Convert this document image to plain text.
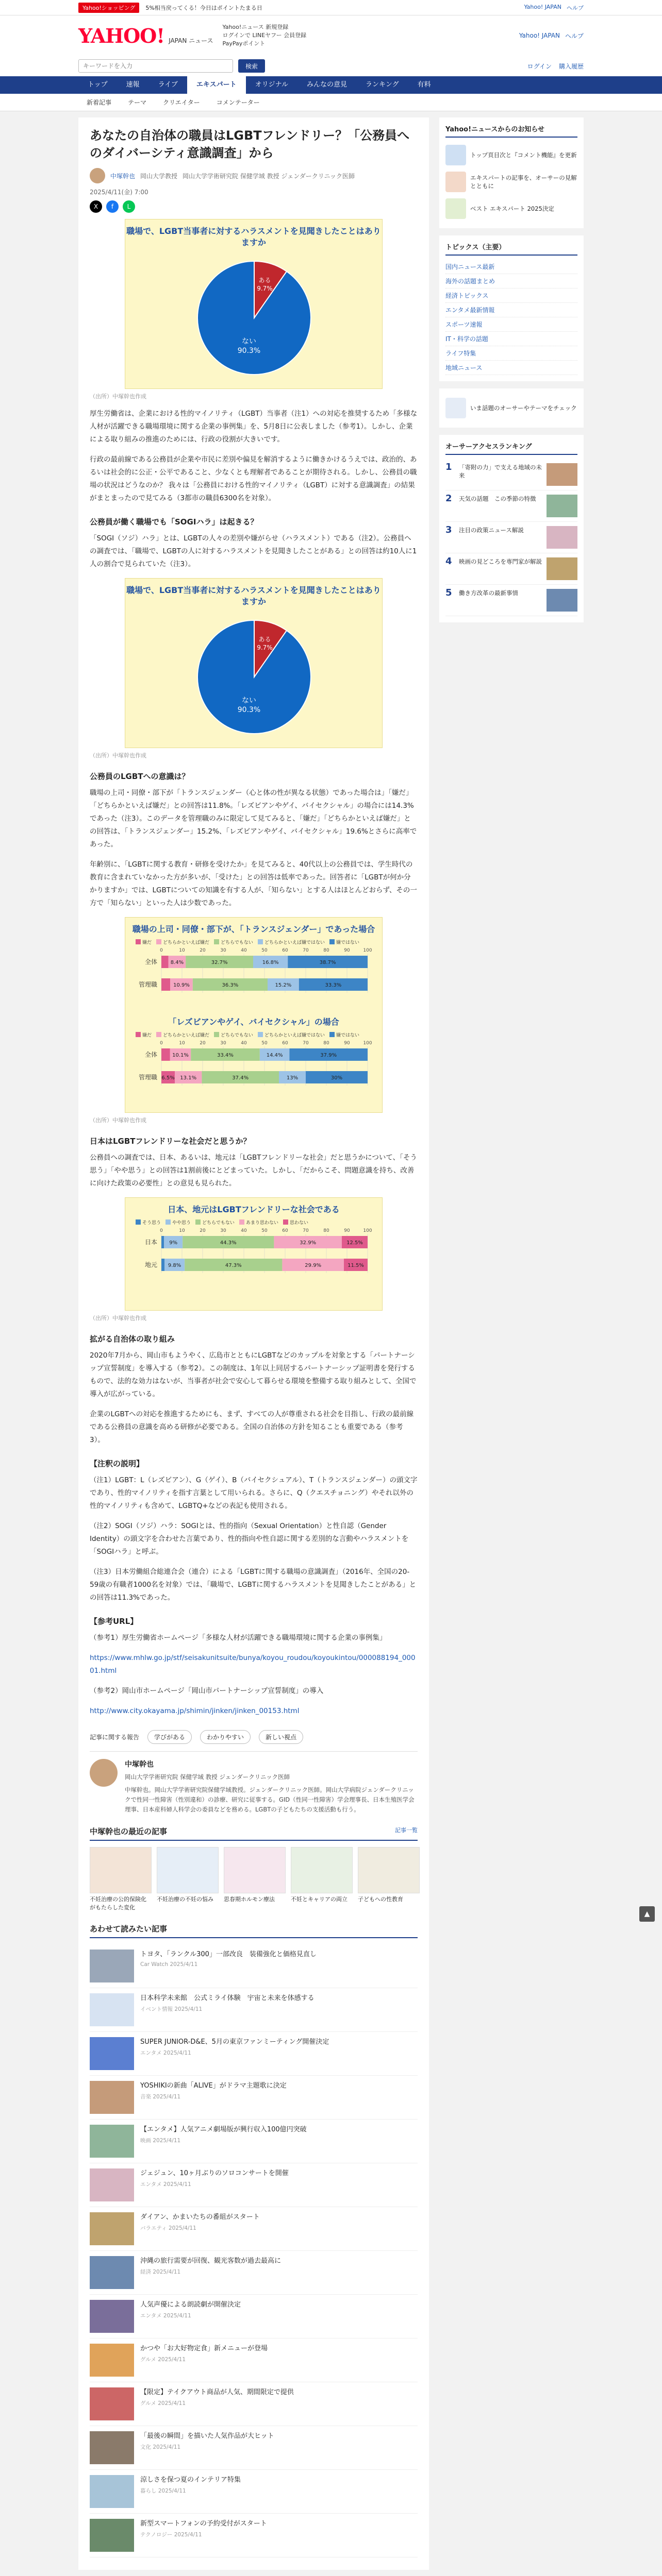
Yahoo!ショッピング	5%相当戻ってくる！今日はポイントたまる日	Yahoo! JAPAN ヘルプ
YAHOO! JAPAN ニュース
Yahoo!ニュース 新規登録
ログインで LINEヤフー 会員登録
PayPayポイント
Yahoo! JAPAN ヘルプ
キーワードを入力
検索	ログイン 購入履歴
トップ	速報	ライブ	エキスパート	オリジナル	みんなの意見	ランキング	有料
新着記事	テーマ	クリエイター	コメンテーター
あなたの自治体の職員はLGBTフレンドリー？「公務員へのダイバーシティ意識調査」から
中塚幹也 岡山大学教授 岡山大学学術研究院 保健学域 教授 ジェンダークリニック医師
2025/4/11(金) 7:00
X	f	L
職場で、LGBT当事者に対するハラスメントを見聞きしたことはありますか
ある
9.7%
ない
90.3%
（出所）中塚幹也作成

厚生労働省は、企業における性的マイノリティ（LGBT）当事者（注1）への対応を推奨するため「多様な人材が活躍できる職場環境に関する企業の事例集」を、5月8日に公表しました（参考1）。しかし、企業による取り組みの推進のためには、行政の役割が大きいです。

行政の最前線である公務員が企業や市民に差別や偏見を解消するように働きかけるうえでは、政治的、あるいは社会的に公正・公平であること、少なくとも理解者であることが期待される。しかし、公務員の職場の状況はどうなのか？ 我々は「公務員における性的マイノリティ（LGBT）に対する意識調査」の結果がまとまったので見てみる（3都市の職員6300名を対象）。

公務員が働く職場でも「SOGIハラ」は起きる？

「SOGI（ソジ）ハラ」とは、LGBTの人々の差別や嫌がらせ（ハラスメント）である（注2）。公務員への調査では、「職場で、LGBTの人に対するハラスメントを見聞きしたことがある」との回答は約10人に1人の割合で見られていた（注3）。

職場で、LGBT当事者に対するハラスメントを見聞きしたことはありますか
ある
9.7%
ない
90.3%
（出所）中塚幹也作成
公務員のLGBTへの意識は？

職場の上司・同僚・部下が「トランスジェンダー（心と体の性が異なる状態）であった場合は」「嫌だ」「どちらかといえば嫌だ」との回答は11.8%。「レズビアンやゲイ、バイセクシャル」の場合には14.3%であった（注3）。このデータを管理職のみに限定して見てみると、「嫌だ」「どちらかといえば嫌だ」との回答は、「トランスジェンダー」15.2%、「レズビアンやゲイ、バイセクシャル」19.6%とさらに高率であった。

年齢別に、「LGBTに関する教育・研修を受けたか」を見てみると、40代以上の公務員では、学生時代の教育に含まれていなかった方が多いが、「受けた」との回答は低率であった。回答者に「LGBTが何か分かりますか」では、LGBTについての知識を有する人が、「知らない」とする人はほとんどおらず、その一方で「知らない」といった人は少数であった。

職場の上司・同僚・部下が、「トランスジェンダー」であった場合
嫌だ どちらかといえば嫌だ どちらでもない どちらかといえば嫌ではない 嫌ではない
0	10	20	30	40	50	60	70	80	90	100
全体	8.4%	32.7%	16.8%	38.7%
管理職	10.9%	36.3%	15.2%	33.3%
「レズビアンやゲイ、バイセクシャル」の場合
嫌だ どちらかといえば嫌だ どちらでもない どちらかといえば嫌ではない 嫌ではない
0	10	20	30	40	50	60	70	80	90	100
全体	10.1%	33.4%	14.4%	37.9%
管理職 6.5% 13.1%	37.4%	13%	30%
（出所）中塚幹也作成
日本はLGBTフレンドリーな社会だと思うか？

公務員への調査では、日本、あるいは、地元は「LGBTフレンドリーな社会」だと思うかについて、「そう思う」「やや思う」との回答は1割前後にとどまっていた。しかし、「だからこそ、問題意識を持ち、改善に向けた政策の必要性」との意見も見られた。

日本、地元はLGBTフレンドリーな社会である
そう思う やや思う どちらでもない あまり思わない 思わない
0	10	20	30	40	50	60	70	80	90	100
日本 9%	44.3%	32.9%	12.5%
地元 9.8%	47.3%	29.9%	11.5%
（出所）中塚幹也作成
拡がる自治体の取り組み

2020年7月から、岡山市もようやく、広島市とともにLGBTなどのカップルを対象とする「パートナーシップ宣誓制度」を導入する（参考2）。この制度は、1年以上同居するパートナーシップ証明書を発行するもので、法的な効力はないが、当事者が社会で安心して暮らせる環境を整備する取り組みとして、全国で導入が広がっている。

企業のLGBTへの対応を推進するためにも、まず、すべての人が尊重される社会を目指し、行政の最前線である公務員の意識を高める研修が必要である。全国の自治体の方針を知ることも重要である（参考3）。

【注釈の説明】

（注1）LGBT：L（レズビアン）、G（ゲイ）、B（バイセクシュアル）、T（トランスジェンダー）の頭文字であり、性的マイノリティを指す言葉として用いられる。さらに、Q（クエスチョニング）やそれ以外の性的マイノリティも含めて、LGBTQ+などの表記も使用される。

（注2）SOGI（ソジ）ハラ：SOGIとは、性的指向（Sexual Orientation）と性自認（Gender Identity）の頭文字を合わせた言葉であり、性的指向や性自認に関する差別的な言動やハラスメントを「SOGIハラ」と呼ぶ。

（注3）日本労働組合総連合会（連合）による「LGBTに関する職場の意識調査」（2016年、全国の20-59歳の有職者1000名を対象）では、「職場で、LGBTに関するハラスメントを見聞きしたことがある」との回答は11.3%であった。

【参考URL】

（参考1）厚生労働省ホームページ「多様な人材が活躍できる職場環境に関する企業の事例集」

https://www.mhlw.go.jp/stf/seisakunitsuite/bunya/koyou_roudou/koyoukintou/000088194_00001.html

（参考2）岡山市ホームページ「岡山市パートナーシップ宣誓制度」の導入

http://www.city.okayama.jp/shimin/jinken/jinken_00153.html

記事に関する報告	学びがある	わかりやすい	新しい視点
中塚幹也
岡山大学学術研究院 保健学域 教授 ジェンダークリニック医師
中塚幹也。岡山大学学術研究院保健学域教授。ジェンダークリニック医師。岡山大学病院ジェンダークリニックで性同一性障害（性別違和）の診療、研究に従事する。GID（性同一性障害）学会理事長、日本生殖医学会理事、日本産科婦人科学会の委員などを務める。LGBTの子どもたちの支援活動も行う。
中塚幹也の最近の記事	記事一覧
不妊治療の公的保険化がもたらした変化
不妊治療の不妊の悩み	思春期ホルモン療法	不妊とキャリアの両立	子どもへの性教育
あわせて読みたい記事
トヨタ、「ランクル300」一部改良　装備強化と価格見直し
Car Watch 2025/4/11
日本科学未来館　公式ミライ体験　宇宙と未来を体感する
イベント情報 2025/4/11
SUPER JUNIOR-D&E、5月の東京ファンミーティング開催決定
エンタメ 2025/4/11
YOSHIKIの新曲「ALIVE」がドラマ主題歌に決定
音楽 2025/4/11
【エンタメ】人気アニメ劇場版が興行収入100億円突破
映画 2025/4/11
ジェジュン、10ヶ月ぶりのソロコンサートを開催
エンタメ 2025/4/11
ダイアン、かまいたちの番組がスタート
バラエティ 2025/4/11
沖縄の旅行需要が回復、観光客数が過去最高に
経済 2025/4/11
人気声優による朗読劇が開催決定
エンタメ 2025/4/11
かつや「お大好物定食」新メニューが登場
グルメ 2025/4/11
【限定】テイクアウト商品が人気、期間限定で提供
グルメ 2025/4/11
「最後の瞬間」を描いた人気作品が大ヒット
文化 2025/4/11
涼しさを保つ夏のインテリア特集
暮らし 2025/4/11
新型スマートフォンの予約受付がスタート
テクノロジー 2025/4/11
Yahoo!ニュースからのお知らせ
トップ頁目次と『コメント機能』を更新
エキスパートの記事を、オーサーの見解とともに
ベスト エキスパート 2025決定
トピックス（主要）
国内ニュース最新
海外の話題まとめ
経済トピックス
エンタメ最新情報
スポーツ速報
IT・科学の話題
ライフ特集
地域ニュース
いま話題のオーサーやテーマをチェック
オーサーアクセスランキング
1	「寄附の力」で支える地域の未来
2	天気の話題　この季節の特徴
3	注目の政策ニュース解説
4	映画の見どころを専門家が解説
5	働き方改革の最新事情
▲
